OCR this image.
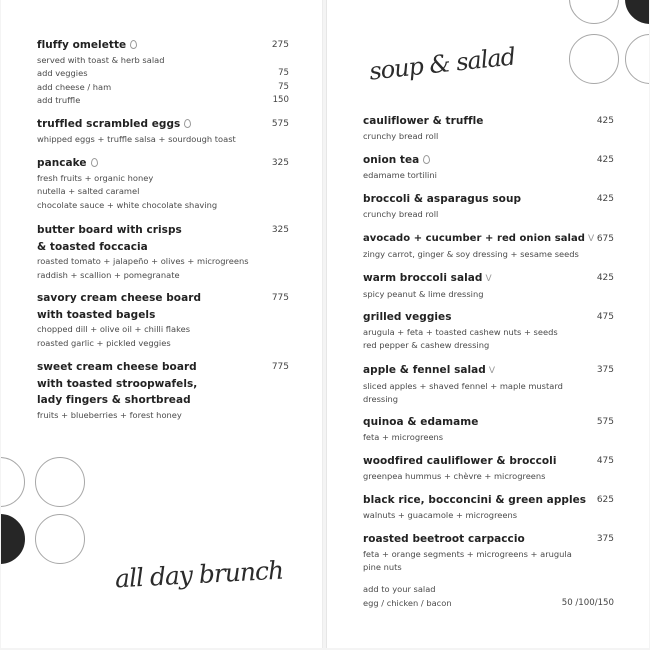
fluffy omelette	275
served with toast & herb salad
add veggies	75
add cheese / ham	75
add truffle	150
truffled scrambled eggs	575
whipped eggs + truffle salsa + sourdough toast
pancake	325
fresh fruits + organic honey
nutella + salted caramel
chocolate sauce + white chocolate shaving
butter board with crisps	325
& toasted foccacia
roasted tomato + jalapeño + olives + microgreens
raddish + scallion + pomegranate
savory cream cheese board	775
with toasted bagels
chopped dill + olive oil + chilli flakes
roasted garlic + pickled veggies
sweet cream cheese board	775
with toasted stroopwafels,
lady fingers & shortbread
fruits + blueberries + forest honey
all day brunch
soup & salad
cauliflower & truffle	425
crunchy bread roll
onion tea	425
edamame tortilini
broccoli & asparagus soup	425
crunchy bread roll
avocado + cucumber + red onion salad V 675
zingy carrot, ginger & soy dressing + sesame seeds
warm broccoli salad V	425
spicy peanut & lime dressing
grilled veggies	475
arugula + feta + toasted cashew nuts + seeds
red pepper & cashew dressing
apple & fennel salad V	375
sliced apples + shaved fennel + maple mustard
dressing
quinoa & edamame	575
feta + microgreens
woodfired cauliflower & broccoli	475
greenpea hummus + chèvre + microgreens
black rice, bocconcini & green apples 625
walnuts + guacamole + microgreens
roasted beetroot carpaccio	375
feta + orange segments + microgreens + arugula
pine nuts
add to your salad
egg / chicken / bacon	50 /100/150
